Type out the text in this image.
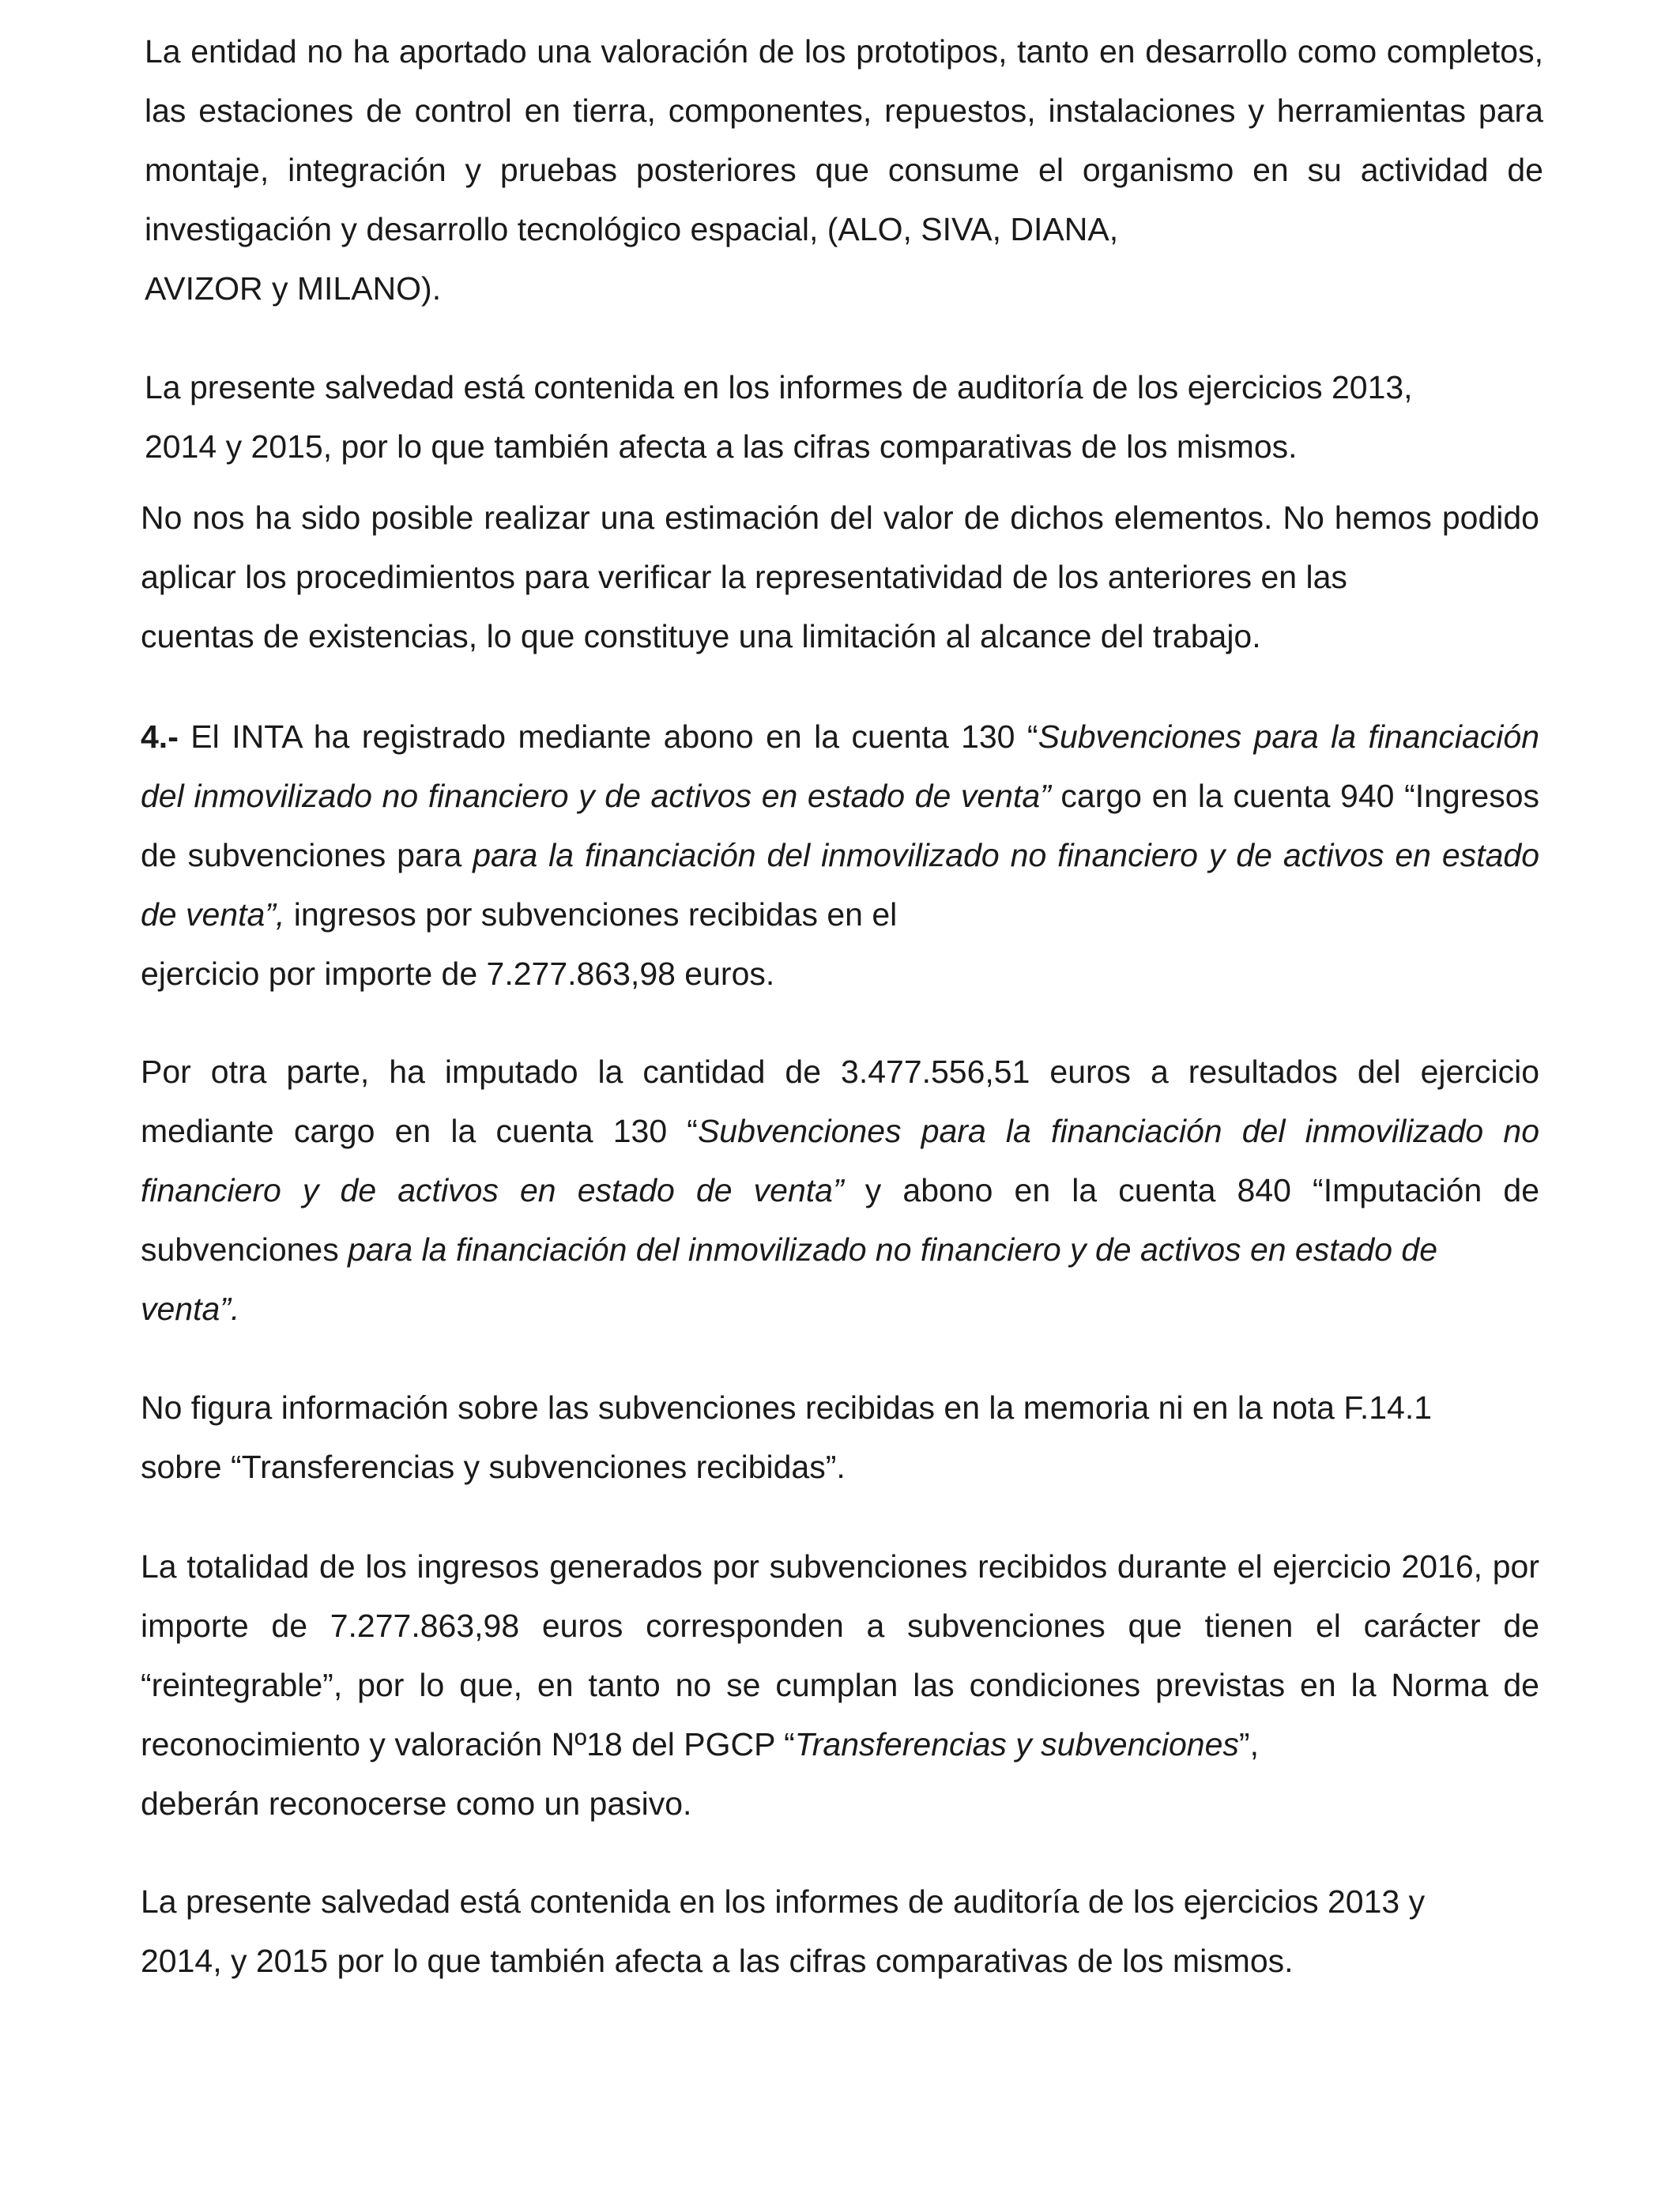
La entidad no ha aportado una valoración de los prototipos, tanto en desarrollo como completos, las estaciones de control en tierra, componentes, repuestos, instalaciones y herramientas para montaje, integración y pruebas posteriores que consume el organismo en su actividad de investigación y desarrollo tecnológico espacial, (ALO, SIVA, DIANA,
AVIZOR y MILANO).

La presente salvedad está contenida en los informes de auditoría de los ejercicios 2013,
2014 y 2015, por lo que también afecta a las cifras comparativas de los mismos.

No nos ha sido posible realizar una estimación del valor de dichos elementos. No hemos podido aplicar los procedimientos para verificar la representatividad de los anteriores en las
cuentas de existencias, lo que constituye una limitación al alcance del trabajo.

4.- El INTA ha registrado mediante abono en la cuenta 130 “Subvenciones para la financiación del inmovilizado no financiero y de activos en estado de venta” cargo en la cuenta 940 “Ingresos de subvenciones para para la financiación del inmovilizado no financiero y de activos en estado de venta”, ingresos por subvenciones recibidas en el
ejercicio por importe de 7.277.863,98 euros.

Por otra parte, ha imputado la cantidad de 3.477.556,51 euros a resultados del ejercicio mediante cargo en la cuenta 130 “Subvenciones para la financiación del inmovilizado no financiero y de activos en estado de venta” y abono en la cuenta 840 “Imputación de subvenciones para la financiación del inmovilizado no financiero y de activos en estado de
venta”.

No figura información sobre las subvenciones recibidas en la memoria ni en la nota F.14.1
sobre “Transferencias y subvenciones recibidas”.

La totalidad de los ingresos generados por subvenciones recibidos durante el ejercicio 2016, por importe de 7.277.863,98 euros corresponden a subvenciones que tienen el carácter de “reintegrable”, por lo que, en tanto no se cumplan las condiciones previstas en la Norma de reconocimiento y valoración Nº18 del PGCP “Transferencias y subvenciones”,
deberán reconocerse como un pasivo.

La presente salvedad está contenida en los informes de auditoría de los ejercicios 2013 y
2014, y 2015 por lo que también afecta a las cifras comparativas de los mismos.
